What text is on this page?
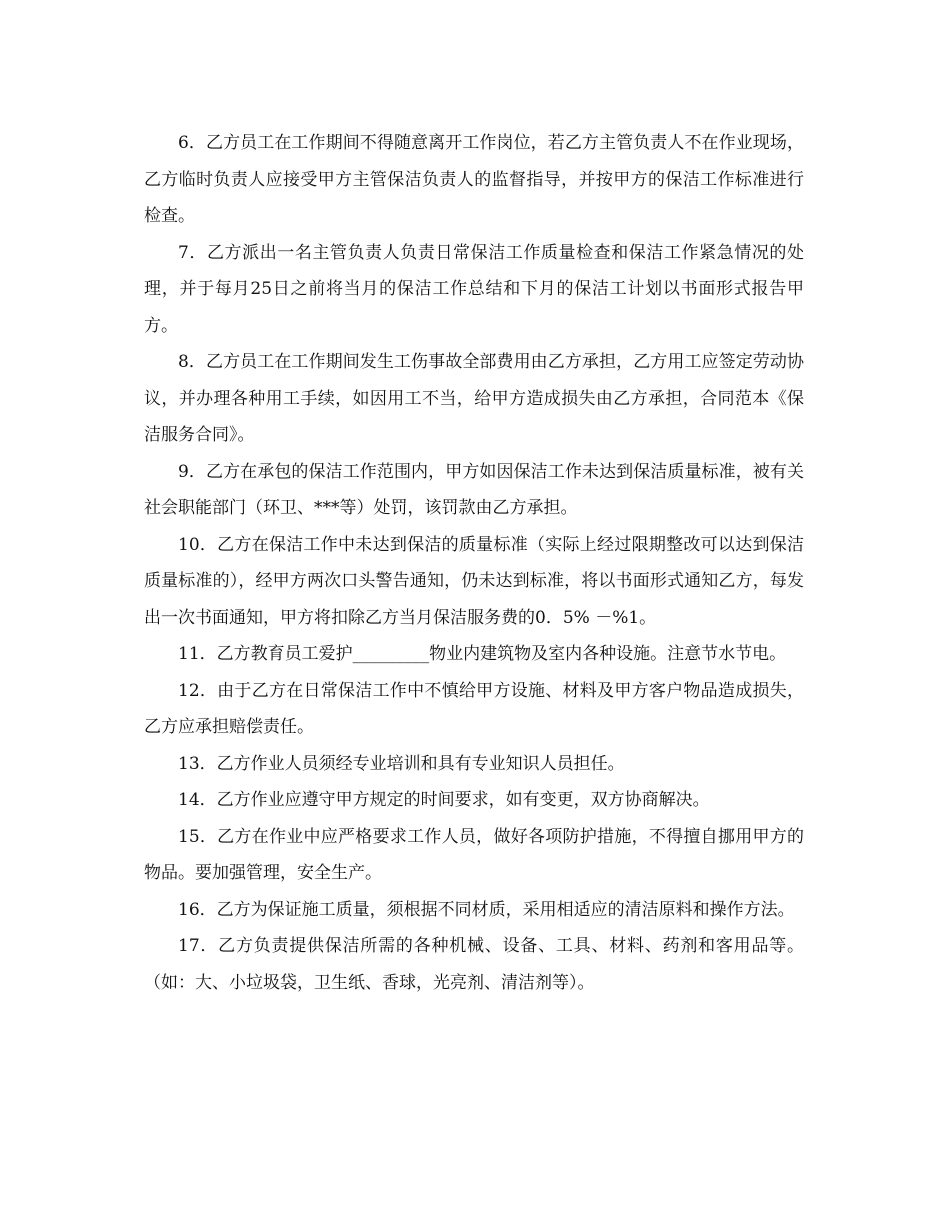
6．乙方员工在工作期间不得随意离开工作岗位，若乙方主管负责人不在作业现场，乙方临时负责人应接受甲方主管保洁负责人的监督指导，并按甲方的保洁工作标准进行检查。

7．乙方派出一名主管负责人负责日常保洁工作质量检查和保洁工作紧急情况的处理，并于每月25日之前将当月的保洁工作总结和下月的保洁工计划以书面形式报告甲方。

8．乙方员工在工作期间发生工伤事故全部费用由乙方承担，乙方用工应签定劳动协议，并办理各种用工手续，如因用工不当，给甲方造成损失由乙方承担，合同范本《保洁服务合同》。

9．乙方在承包的保洁工作范围内，甲方如因保洁工作未达到保洁质量标准，被有关社会职能部门（环卫、***等）处罚，该罚款由乙方承担。

10．乙方在保洁工作中未达到保洁的质量标准（实际上经过限期整改可以达到保洁质量标准的），经甲方两次口头警告通知，仍未达到标准，将以书面形式通知乙方，每发出一次书面通知，甲方将扣除乙方当月保洁服务费的0．5% －%1。

11．乙方教育员工爱护_________物业内建筑物及室内各种设施。注意节水节电。

12．由于乙方在日常保洁工作中不慎给甲方设施、材料及甲方客户物品造成损失，乙方应承担赔偿责任。

13．乙方作业人员须经专业培训和具有专业知识人员担任。

14．乙方作业应遵守甲方规定的时间要求，如有变更，双方协商解决。

15．乙方在作业中应严格要求工作人员，做好各项防护措施，不得擅自挪用甲方的物品。要加强管理，安全生产。

16．乙方为保证施工质量，须根据不同材质，采用相适应的清洁原料和操作方法。

17．乙方负责提供保洁所需的各种机械、设备、工具、材料、药剂和客用品等。（如：大、小垃圾袋，卫生纸、香球，光亮剂、清洁剂等）。
